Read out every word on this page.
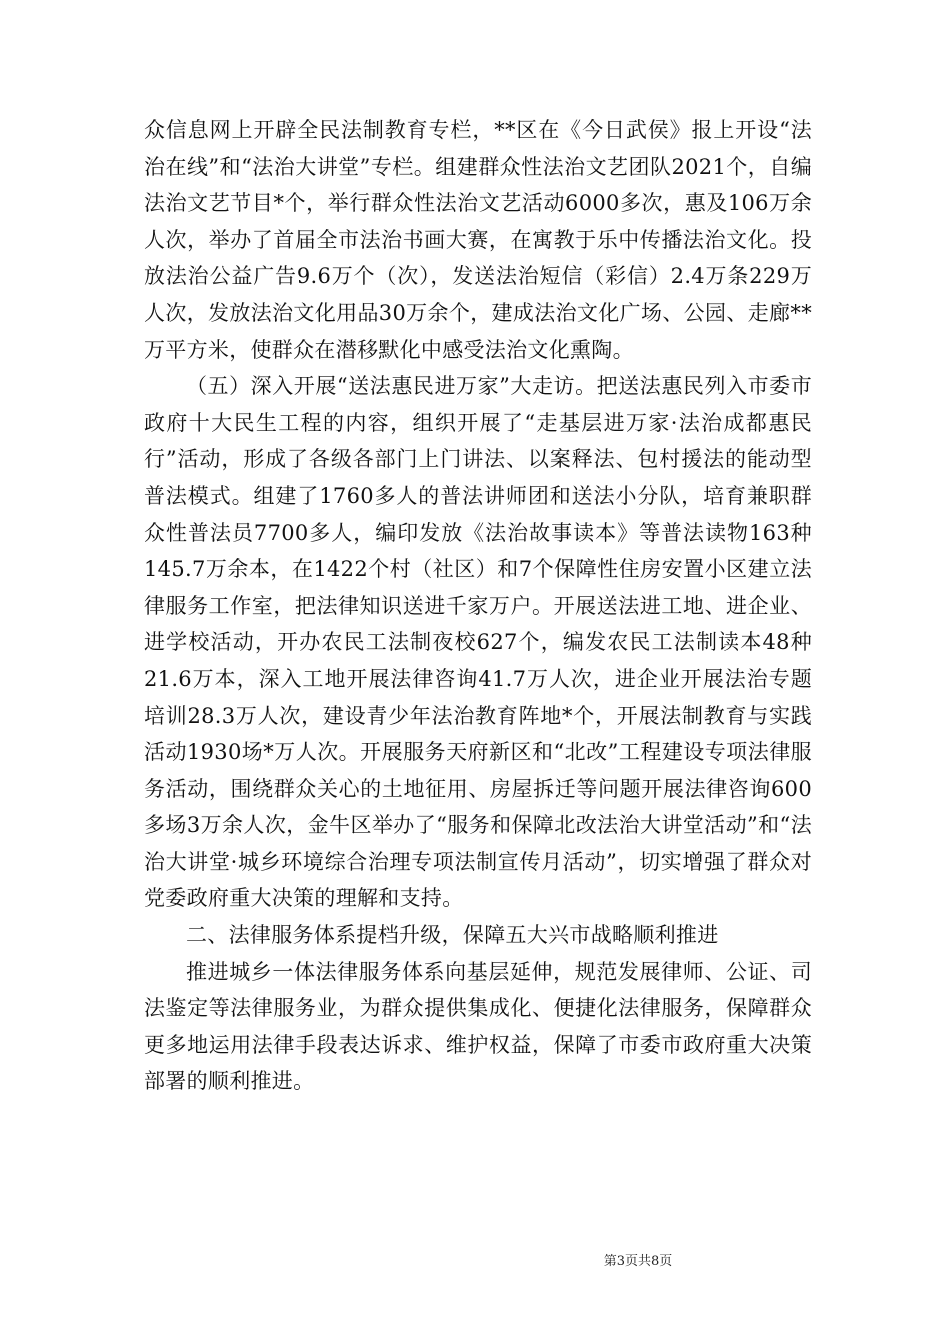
众信息网上开辟全民法制教育专栏，**区在《今日武侯》报上开设“法治在线”和“法治大讲堂”专栏。组建群众性法治文艺团队2021个，自编法治文艺节目*个，举行群众性法治文艺活动6000多次，惠及106万余人次，举办了首届全市法治书画大赛，在寓教于乐中传播法治文化。投放法治公益广告9.6万个（次），发送法治短信（彩信）2.4万条229万人次，发放法治文化用品30万余个，建成法治文化广场、公园、走廊**万平方米，使群众在潜移默化中感受法治文化熏陶。

（五）深入开展“送法惠民进万家”大走访。把送法惠民列入市委市政府十大民生工程的内容，组织开展了“走基层进万家·法治成都惠民行”活动，形成了各级各部门上门讲法、以案释法、包村援法的能动型普法模式。组建了1760多人的普法讲师团和送法小分队，培育兼职群众性普法员7700多人，编印发放《法治故事读本》等普法读物163种145.7万余本，在1422个村（社区）和7个保障性住房安置小区建立法律服务工作室，把法律知识送进千家万户。开展送法进工地、进企业、进学校活动，开办农民工法制夜校627个，编发农民工法制读本48种21.6万本，深入工地开展法律咨询41.7万人次，进企业开展法治专题培训28.3万人次，建设青少年法治教育阵地*个，开展法制教育与实践活动1930场*万人次。开展服务天府新区和“北改”工程建设专项法律服务活动，围绕群众关心的土地征用、房屋拆迁等问题开展法律咨询600多场3万余人次，金牛区举办了“服务和保障北改法治大讲堂活动”和“法治大讲堂·城乡环境综合治理专项法制宣传月活动”，切实增强了群众对党委政府重大决策的理解和支持。

二、法律服务体系提档升级，保障五大兴市战略顺利推进

推进城乡一体法律服务体系向基层延伸，规范发展律师、公证、司法鉴定等法律服务业，为群众提供集成化、便捷化法律服务，保障群众更多地运用法律手段表达诉求、维护权益，保障了市委市政府重大决策部署的顺利推进。

第3页共8页
